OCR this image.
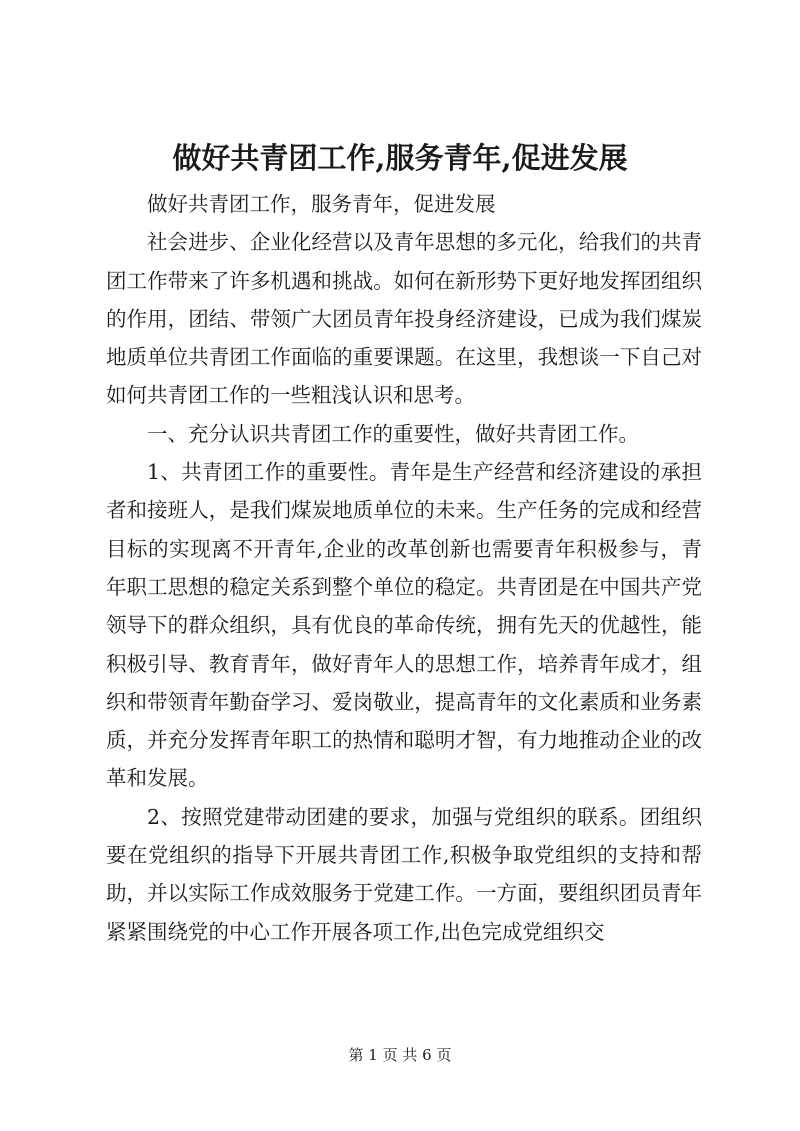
做好共青团工作,服务青年,促进发展

做好共青团工作，服务青年，促进发展

社会进步、企业化经营以及青年思想的多元化，给我们的共青团工作带来了许多机遇和挑战。如何在新形势下更好地发挥团组织的作用，团结、带领广大团员青年投身经济建设，已成为我们煤炭地质单位共青团工作面临的重要课题。在这里，我想谈一下自己对如何共青团工作的一些粗浅认识和思考。

一、充分认识共青团工作的重要性，做好共青团工作。

1、共青团工作的重要性。青年是生产经营和经济建设的承担者和接班人，是我们煤炭地质单位的未来。生产任务的完成和经营目标的实现离不开青年,企业的改革创新也需要青年积极参与，青年职工思想的稳定关系到整个单位的稳定。共青团是在中国共产党领导下的群众组织，具有优良的革命传统，拥有先天的优越性，能积极引导、教育青年，做好青年人的思想工作，培养青年成才，组织和带领青年勤奋学习、爱岗敬业，提高青年的文化素质和业务素质，并充分发挥青年职工的热情和聪明才智，有力地推动企业的改革和发展。

2、按照党建带动团建的要求，加强与党组织的联系。团组织要在党组织的指导下开展共青团工作,积极争取党组织的支持和帮助，并以实际工作成效服务于党建工作。一方面，要组织团员青年紧紧围绕党的中心工作开展各项工作,出色完成党组织交

第 1 页 共 6 页
